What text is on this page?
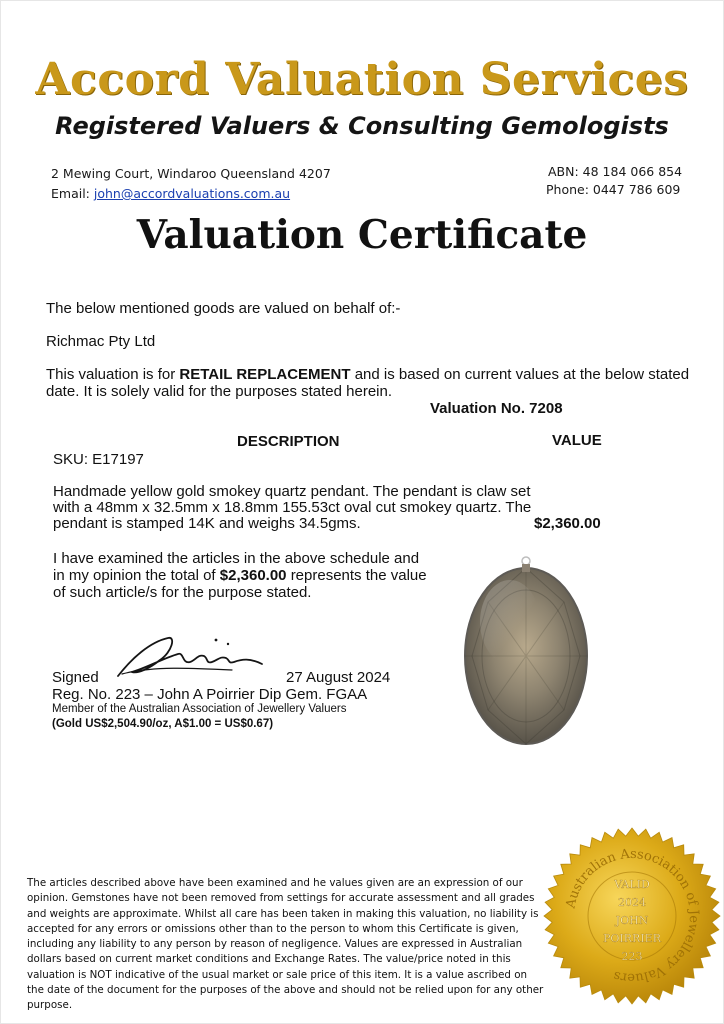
Accord Valuation Services
Registered Valuers & Consulting Gemologists
2 Mewing Court, Windaroo Queensland 4207
Email: john@accordvaluations.com.au
ABN: 48 184 066 854
Phone: 0447 786 609
Valuation Certificate
The below mentioned goods are valued on behalf of:-
Richmac Pty Ltd
This valuation is for RETAIL REPLACEMENT and is based on current values at the below stated
date. It is solely valid for the purposes stated herein.
Valuation No. 7208
DESCRIPTION	VALUE
SKU: E17197
Handmade yellow gold smokey quartz pendant. The pendant is claw set
with a 48mm x 32.5mm x 18.8mm 155.53ct oval cut smokey quartz. The
pendant is stamped 14K and weighs 34.5gms.	$2,360.00
I have examined the articles in the above schedule and
in my opinion the total of $2,360.00 represents the value
of such article/s for the purpose stated.
Signed	27 August 2024
Reg. No. 223 – John A Poirrier Dip Gem. FGAA
Member of the Australian Association of Jewellery Valuers
(Gold US$2,504.90/oz, A$1.00 = US$0.67)
The articles described above have been examined and he values given are an expression of our opinion. Gemstones have not been removed from settings for accurate assessment and all grades and weights are approximate. Whilst all care has been taken in making this valuation, no liability is accepted for any errors or omissions other than to the person to whom this Certificate is given, including any liability to any person by reason of negligence. Values are expressed in Australian dollars based on current market conditions and Exchange Rates. The value/price noted in this valuation is NOT indicative of the usual market or sale price of this item. It is a value ascribed on the date of the document for the purposes of the above and should not be relied upon for any other purpose.
Australian Association of Jewellery Valuers
VALID
2024
JOHN
POIRRIER
223
